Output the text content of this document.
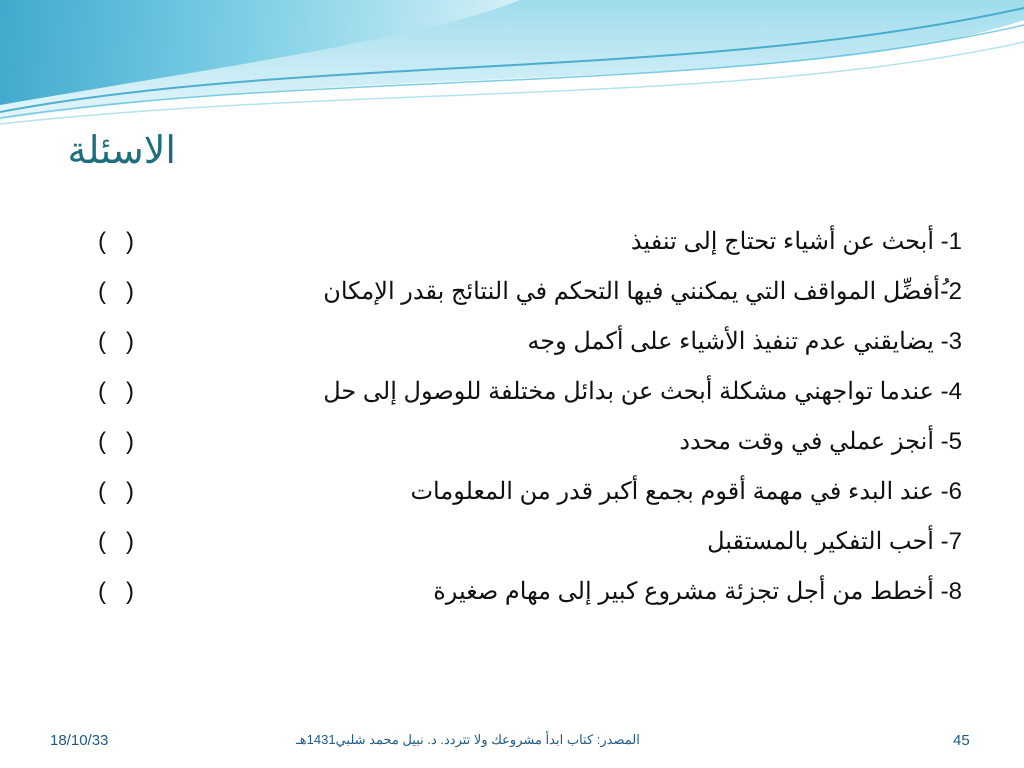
الاسئلة
1- أبحث عن أشياء تحتاج إلى تنفيذ
(   )
2-ُأفضِّل المواقف التي يمكنني فيها التحكم في النتائج بقدر الإمكان
(   )
3- يضايقني عدم تنفيذ الأشياء على أكمل وجه
(   )
4- عندما تواجهني مشكلة أبحث عن بدائل مختلفة للوصول إلى حل
(   )
5- أنجز عملي في وقت محدد
(   )
6- عند البدء في مهمة أقوم بجمع أكبر قدر من المعلومات
(   )
7- أحب التفكير بالمستقبل
(   )
8- أخطط من أجل تجزئة مشروع كبير إلى مهام صغيرة
(   )
18/10/33	المصدر: كتاب ابدأ مشروعك ولا تتردد. د. نبيل محمد شلبي1431هـ	45
